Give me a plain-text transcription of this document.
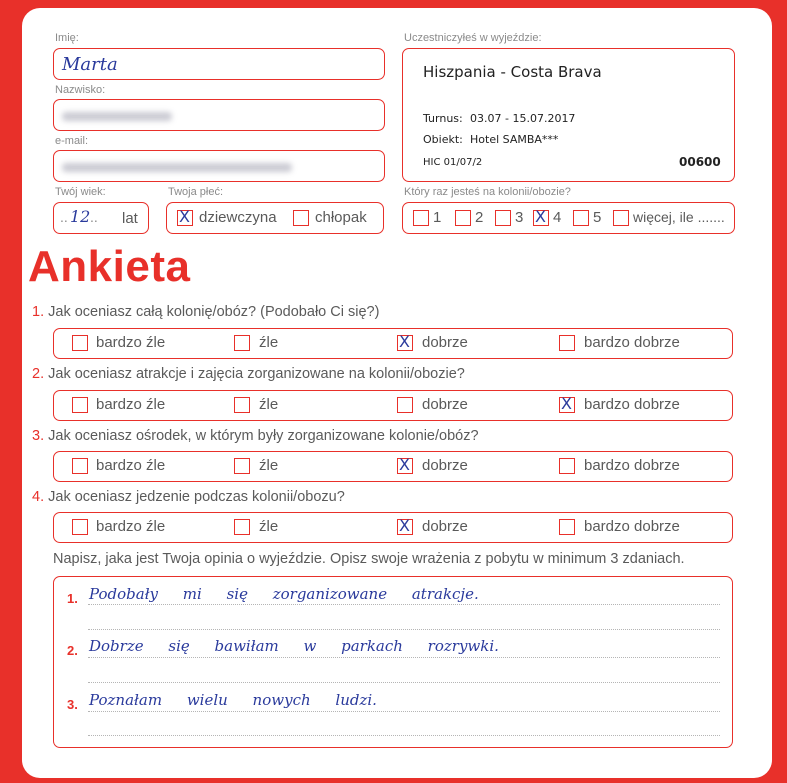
Imię:
Marta
Nazwisko:
e-mail:
Twój wiek:
.. 12 .. lat
Twoja płeć:
X dziewczyna	chłopak
Uczestniczyłeś w wyjeździe:
Hiszpania - Costa Brava
Turnus: 03.07 - 15.07.2017
Obiekt: Hotel SAMBA***
HIC 01/07/2	00600
Który raz jesteś na kolonii/obozie?
1 2 3 X 4 5 więcej, ile .......
Ankieta
1. Jak oceniasz całą kolonię/obóz? (Podobało Ci się?)
bardzo źle	źle	X dobrze	bardzo dobrze
2. Jak oceniasz atrakcje i zajęcia zorganizowane na kolonii/obozie?
bardzo źle	źle	dobrze	X bardzo dobrze
3. Jak oceniasz ośrodek, w którym były zorganizowane kolonie/obóz?
bardzo źle	źle	X dobrze	bardzo dobrze
4. Jak oceniasz jedzenie podczas kolonii/obozu?
bardzo źle	źle	X dobrze	bardzo dobrze
Napisz, jaka jest Twoja opinia o wyjeździe. Opisz swoje wrażenia z pobytu w minimum 3 zdaniach.
1. Podobały mi się zorganizowane atrakcje.
2. Dobrze się bawiłam w parkach rozrywki.
3. Poznałam wielu nowych ludzi.
